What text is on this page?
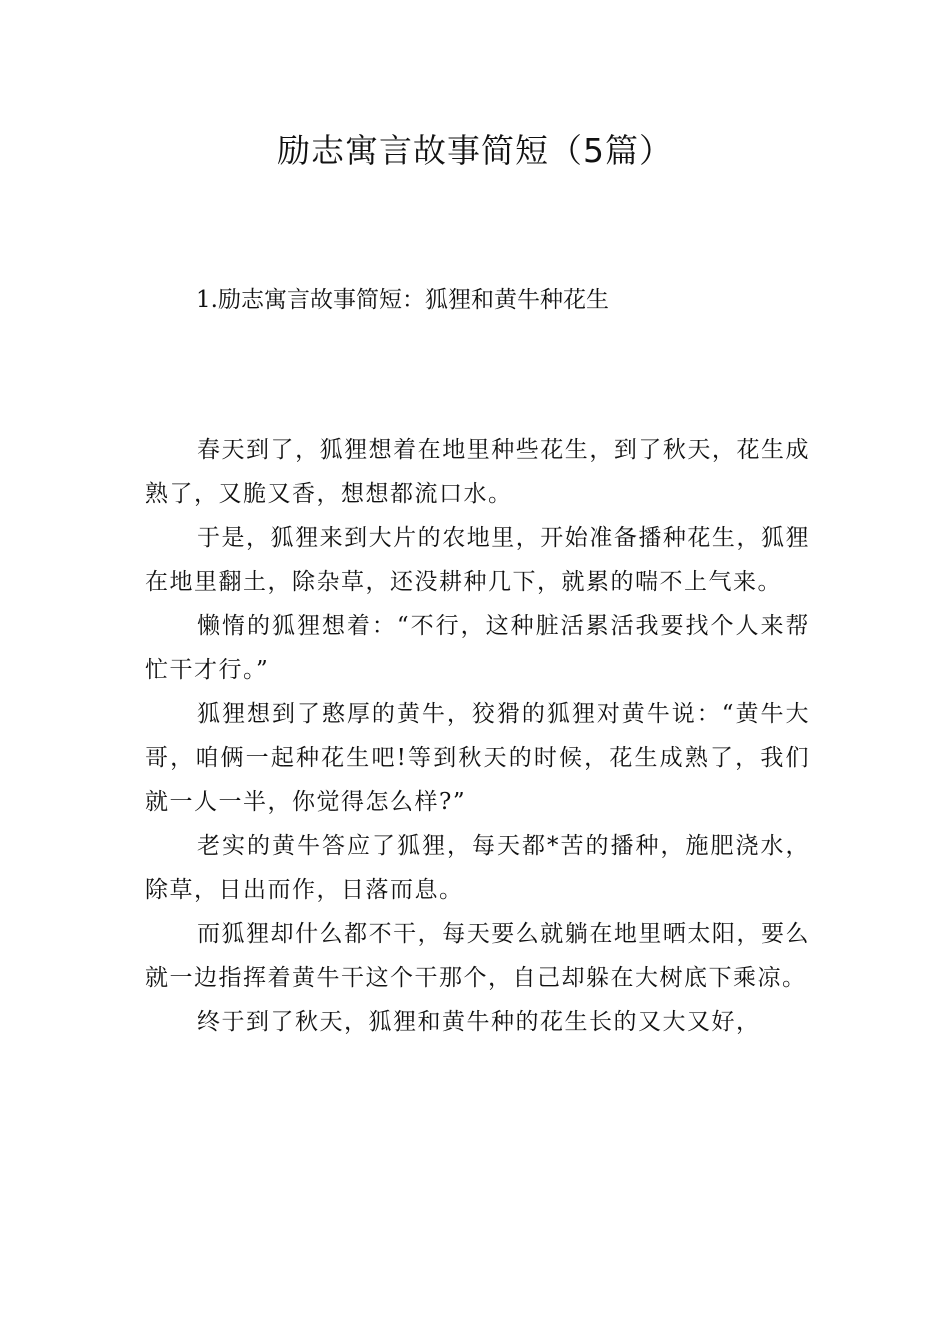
励志寓言故事简短（5篇）
1.励志寓言故事简短：狐狸和黄牛种花生

春天到了，狐狸想着在地里种些花生，到了秋天，花生成熟了，又脆又香，想想都流口水。

于是，狐狸来到大片的农地里，开始准备播种花生，狐狸在地里翻土，除杂草，还没耕种几下，就累的喘不上气来。

懒惰的狐狸想着：“不行，这种脏活累活我要找个人来帮忙干才行。”

狐狸想到了憨厚的黄牛，狡猾的狐狸对黄牛说：“黄牛大哥，咱俩一起种花生吧!等到秋天的时候，花生成熟了，我们就一人一半，你觉得怎么样?”

老实的黄牛答应了狐狸，每天都*苦的播种，施肥浇水，除草，日出而作，日落而息。

而狐狸却什么都不干，每天要么就躺在地里晒太阳，要么就一边指挥着黄牛干这个干那个，自己却躲在大树底下乘凉。

终于到了秋天，狐狸和黄牛种的花生长的又大又好，
